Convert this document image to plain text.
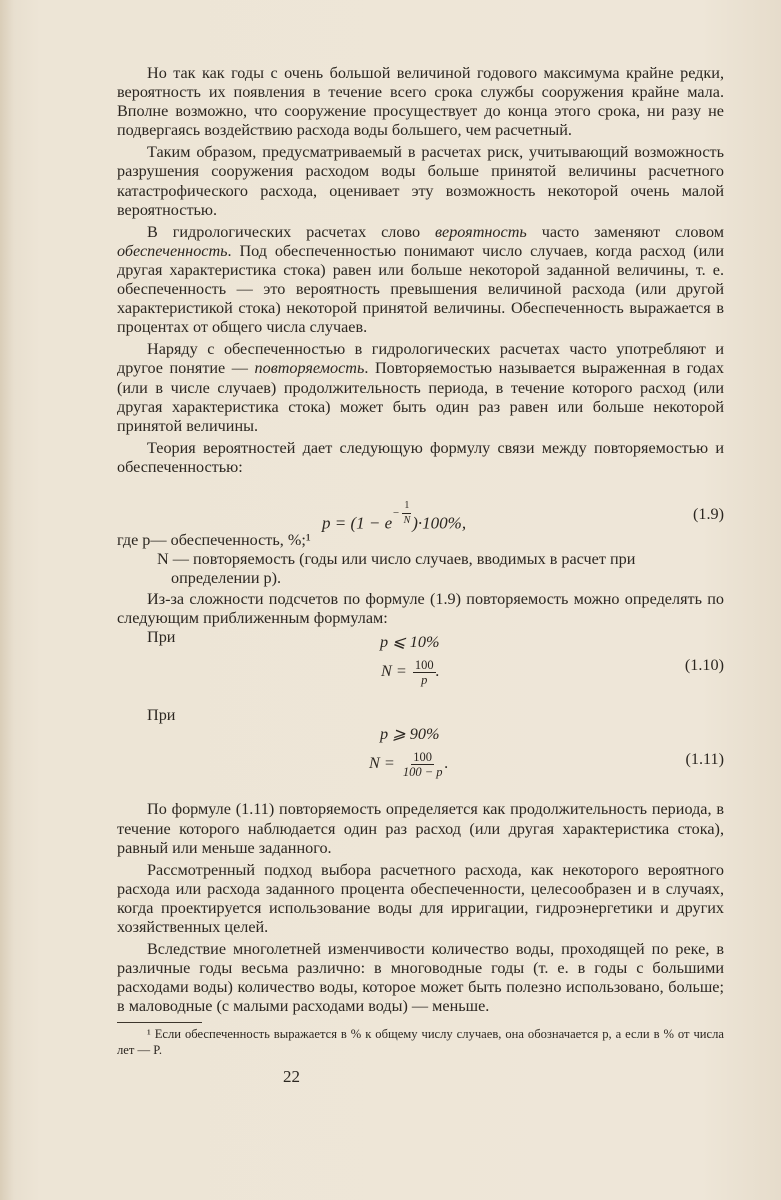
Но так как годы с очень большой величиной годового максимума крайне редки, вероятность их появления в течение всего срока службы сооружения крайне мала. Вполне возможно, что сооружение просуществует до конца этого срока, ни разу не подвергаясь воздействию расхода воды большего, чем расчетный.

Таким образом, предусматриваемый в расчетах риск, учитывающий возможность разрушения сооружения расходом воды больше принятой величины расчетного катастрофического расхода, оценивает эту возможность некоторой очень малой вероятностью.

В гидрологических расчетах слово вероятность часто заменяют словом обеспеченность. Под обеспеченностью понимают число случаев, когда расход (или другая характеристика стока) равен или больше некоторой заданной величины, т. е. обеспеченность — это вероятность превышения величиной расхода (или другой характеристикой стока) некоторой принятой величины. Обеспеченность выражается в процентах от общего числа случаев.

Наряду с обеспеченностью в гидрологических расчетах часто употребляют и другое понятие — повторяемость. Повторяемостью называется выраженная в годах (или в числе случаев) продолжительность периода, в течение которого расход (или другая характеристика стока) может быть один раз равен или больше некоторой принятой величины.

Теория вероятностей дает следующую формулу связи между повторяемостью и обеспеченностью:

$p = (1 - e^{- \frac{1}{N}}$ )·100%,	(1.9)
где p— обеспеченность, %;¹
N — повторяемость (годы или число случаев, вводимых в расчет при определении p).

Из-за сложности подсчетов по формуле (1.9) повторяемость можно определять по следующим приближенным формулам:

При	p ⩽ 10%
$N = \frac{100}{p}$ .	(1.10)
При
p ⩾ 90%
$N = \frac{100}{100 - p}$ .	(1.11)

По формуле (1.11) повторяемость определяется как продолжительность периода, в течение которого наблюдается один раз расход (или другая характеристика стока), равный или меньше заданного.

Рассмотренный подход выбора расчетного расхода, как некоторого вероятного расхода или расхода заданного процента обеспеченности, целесообразен и в случаях, когда проектируется использование воды для ирригации, гидроэнергетики и других хозяйственных целей.

Вследствие многолетней изменчивости количество воды, проходящей по реке, в различные годы весьма различно: в многоводные годы (т. е. в годы с большими расходами воды) количество воды, которое может быть полезно использовано, больше; в маловодные (с малыми расходами воды) — меньше.

¹ Если обеспеченность выражается в % к общему числу случаев, она обозначается p, а если в % от числа лет — P.

22
